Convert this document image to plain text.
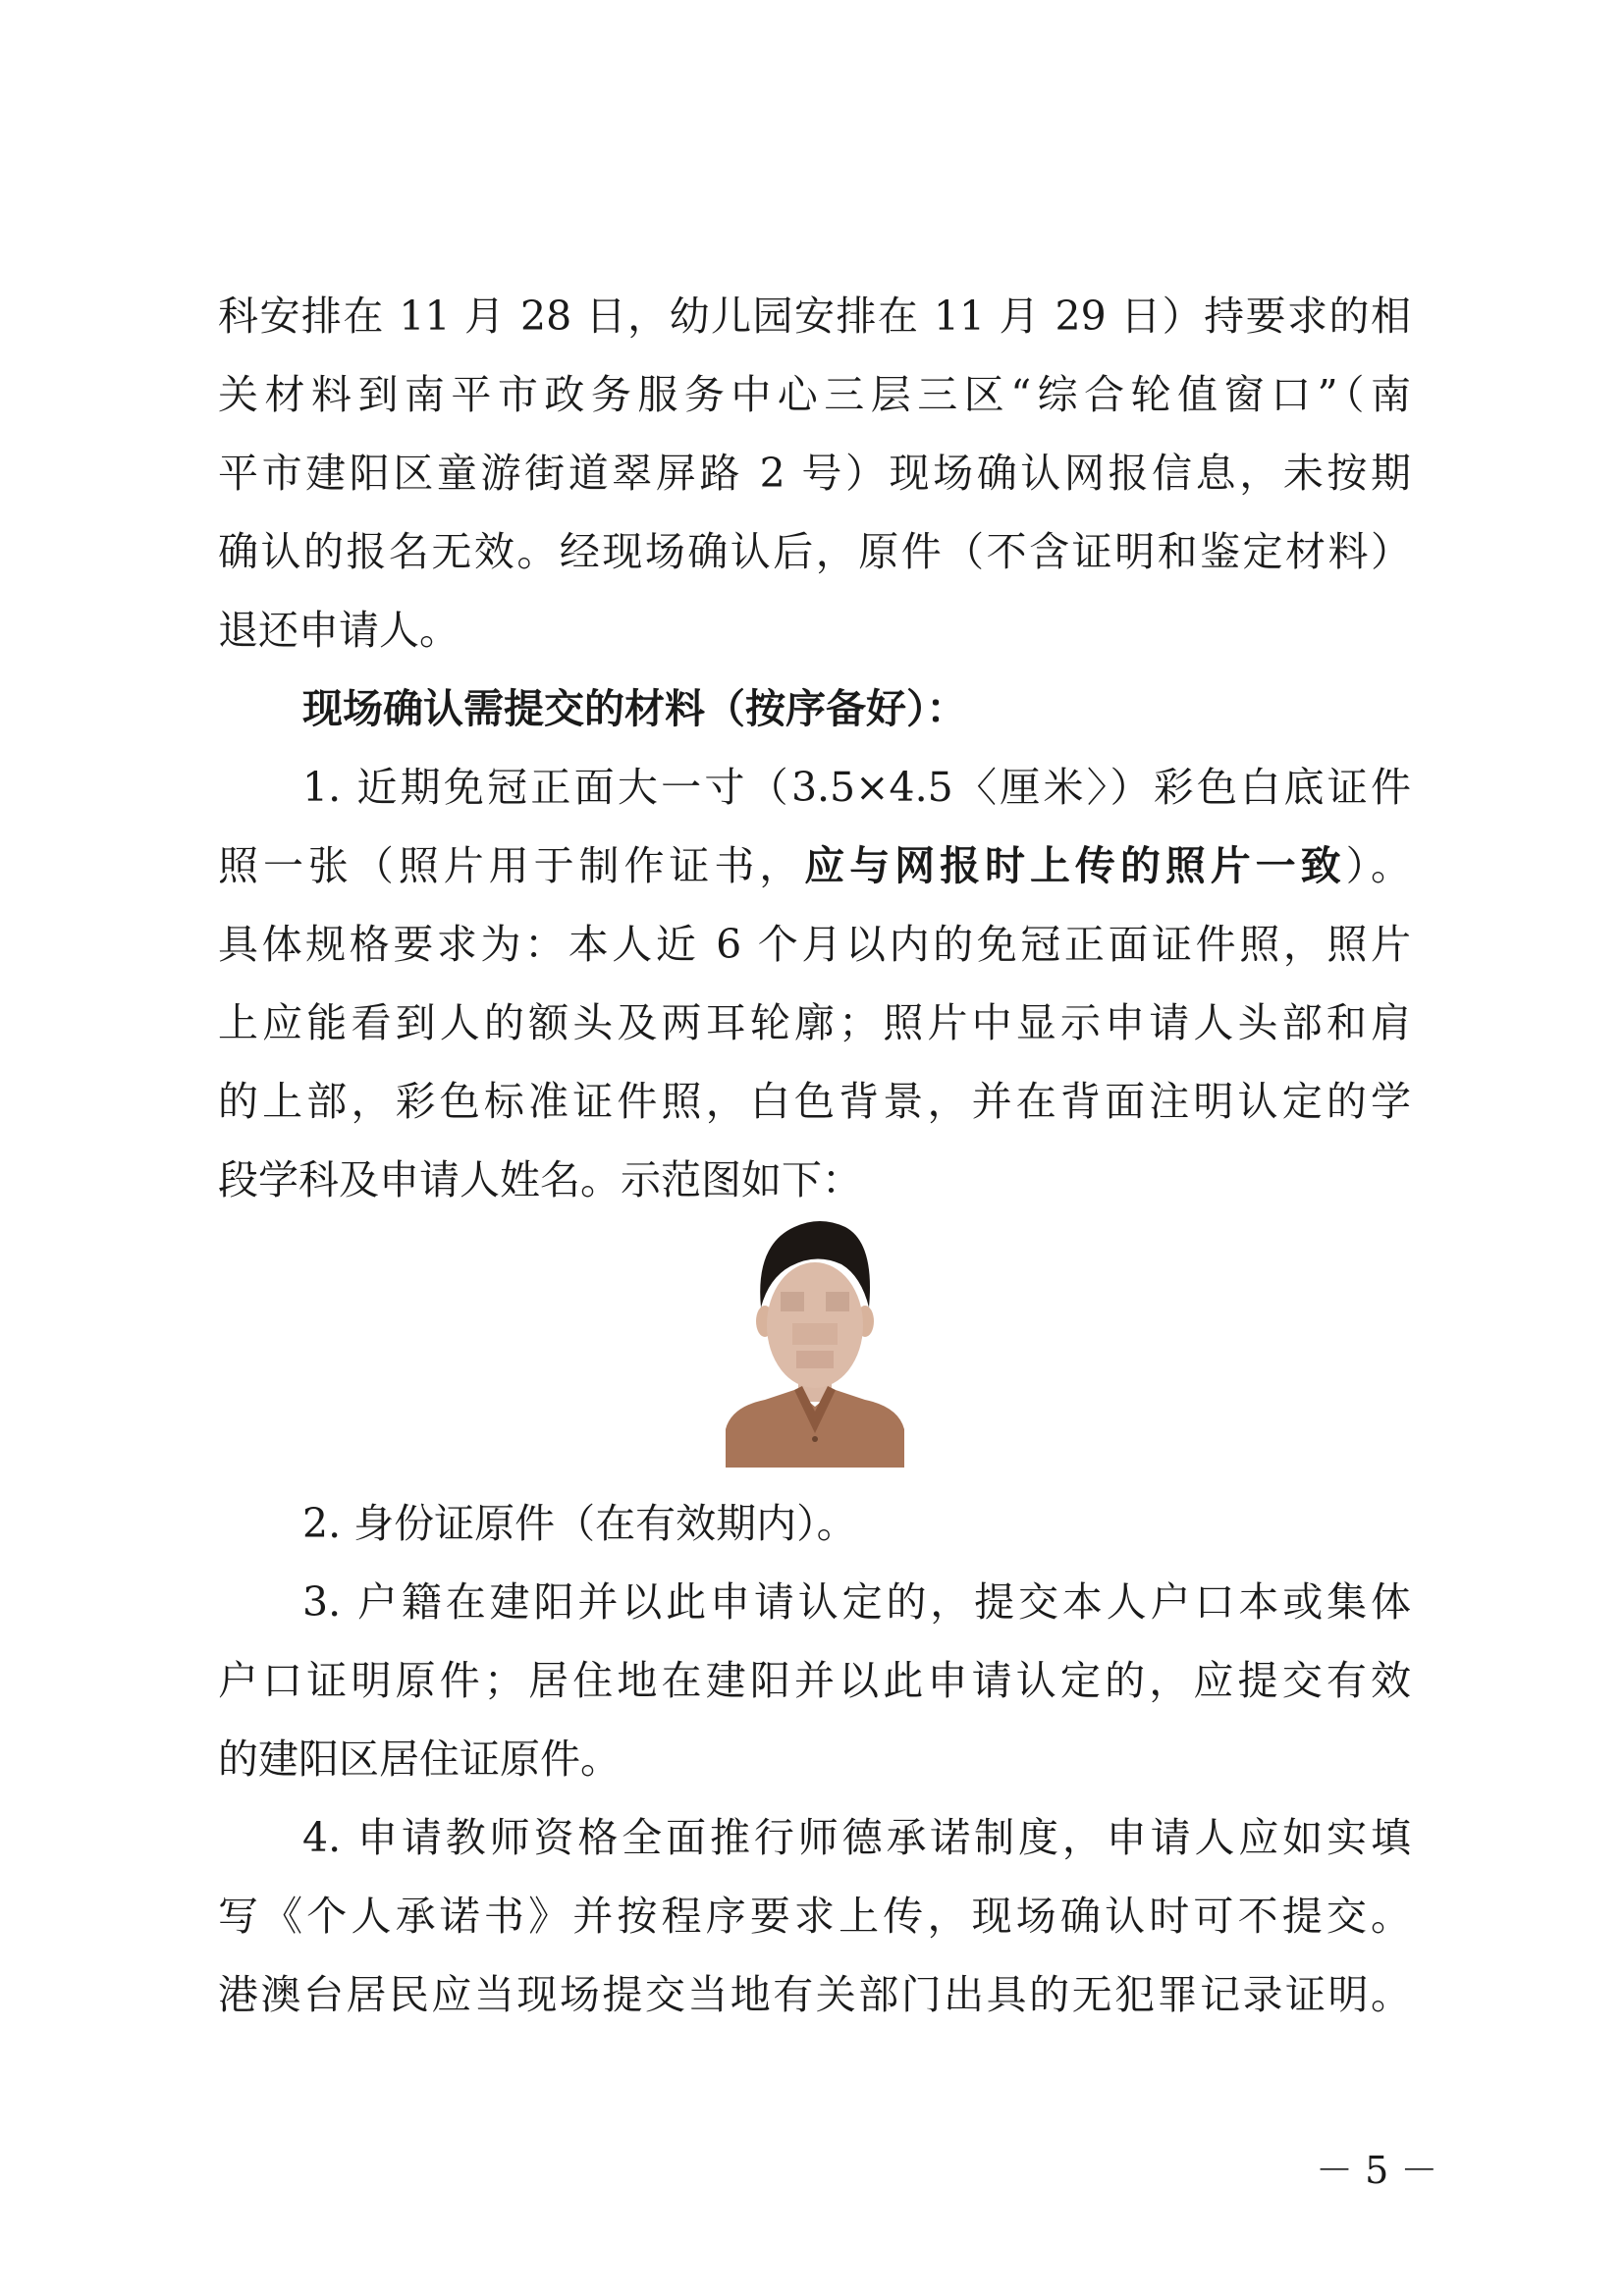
科安排在 11 月 28 日，幼儿园安排在 11 月 29 日）持要求的相
关材料到南平市政务服务中心三层三区“综合轮值窗口”（南
平市建阳区童游街道翠屏路 2 号）现场确认网报信息，未按期
确认的报名无效。经现场确认后，原件（不含证明和鉴定材料）
退还申请人。
现场确认需提交的材料（按序备好）：
1. 近期免冠正面大一寸（3.5×4.5〈厘米〉）彩色白底证件
照一张（照片用于制作证书，应与网报时上传的照片一致）。
具体规格要求为：本人近 6 个月以内的免冠正面证件照，照片
上应能看到人的额头及两耳轮廓；照片中显示申请人头部和肩
的上部，彩色标准证件照，白色背景，并在背面注明认定的学
段学科及申请人姓名。示范图如下：
2. 身份证原件（在有效期内）。
3. 户籍在建阳并以此申请认定的，提交本人户口本或集体
户口证明原件；居住地在建阳并以此申请认定的，应提交有效
的建阳区居住证原件。
4. 申请教师资格全面推行师德承诺制度，申请人应如实填
写《个人承诺书》并按程序要求上传，现场确认时可不提交。
港澳台居民应当现场提交当地有关部门出具的无犯罪记录证明。
－ 5 －
